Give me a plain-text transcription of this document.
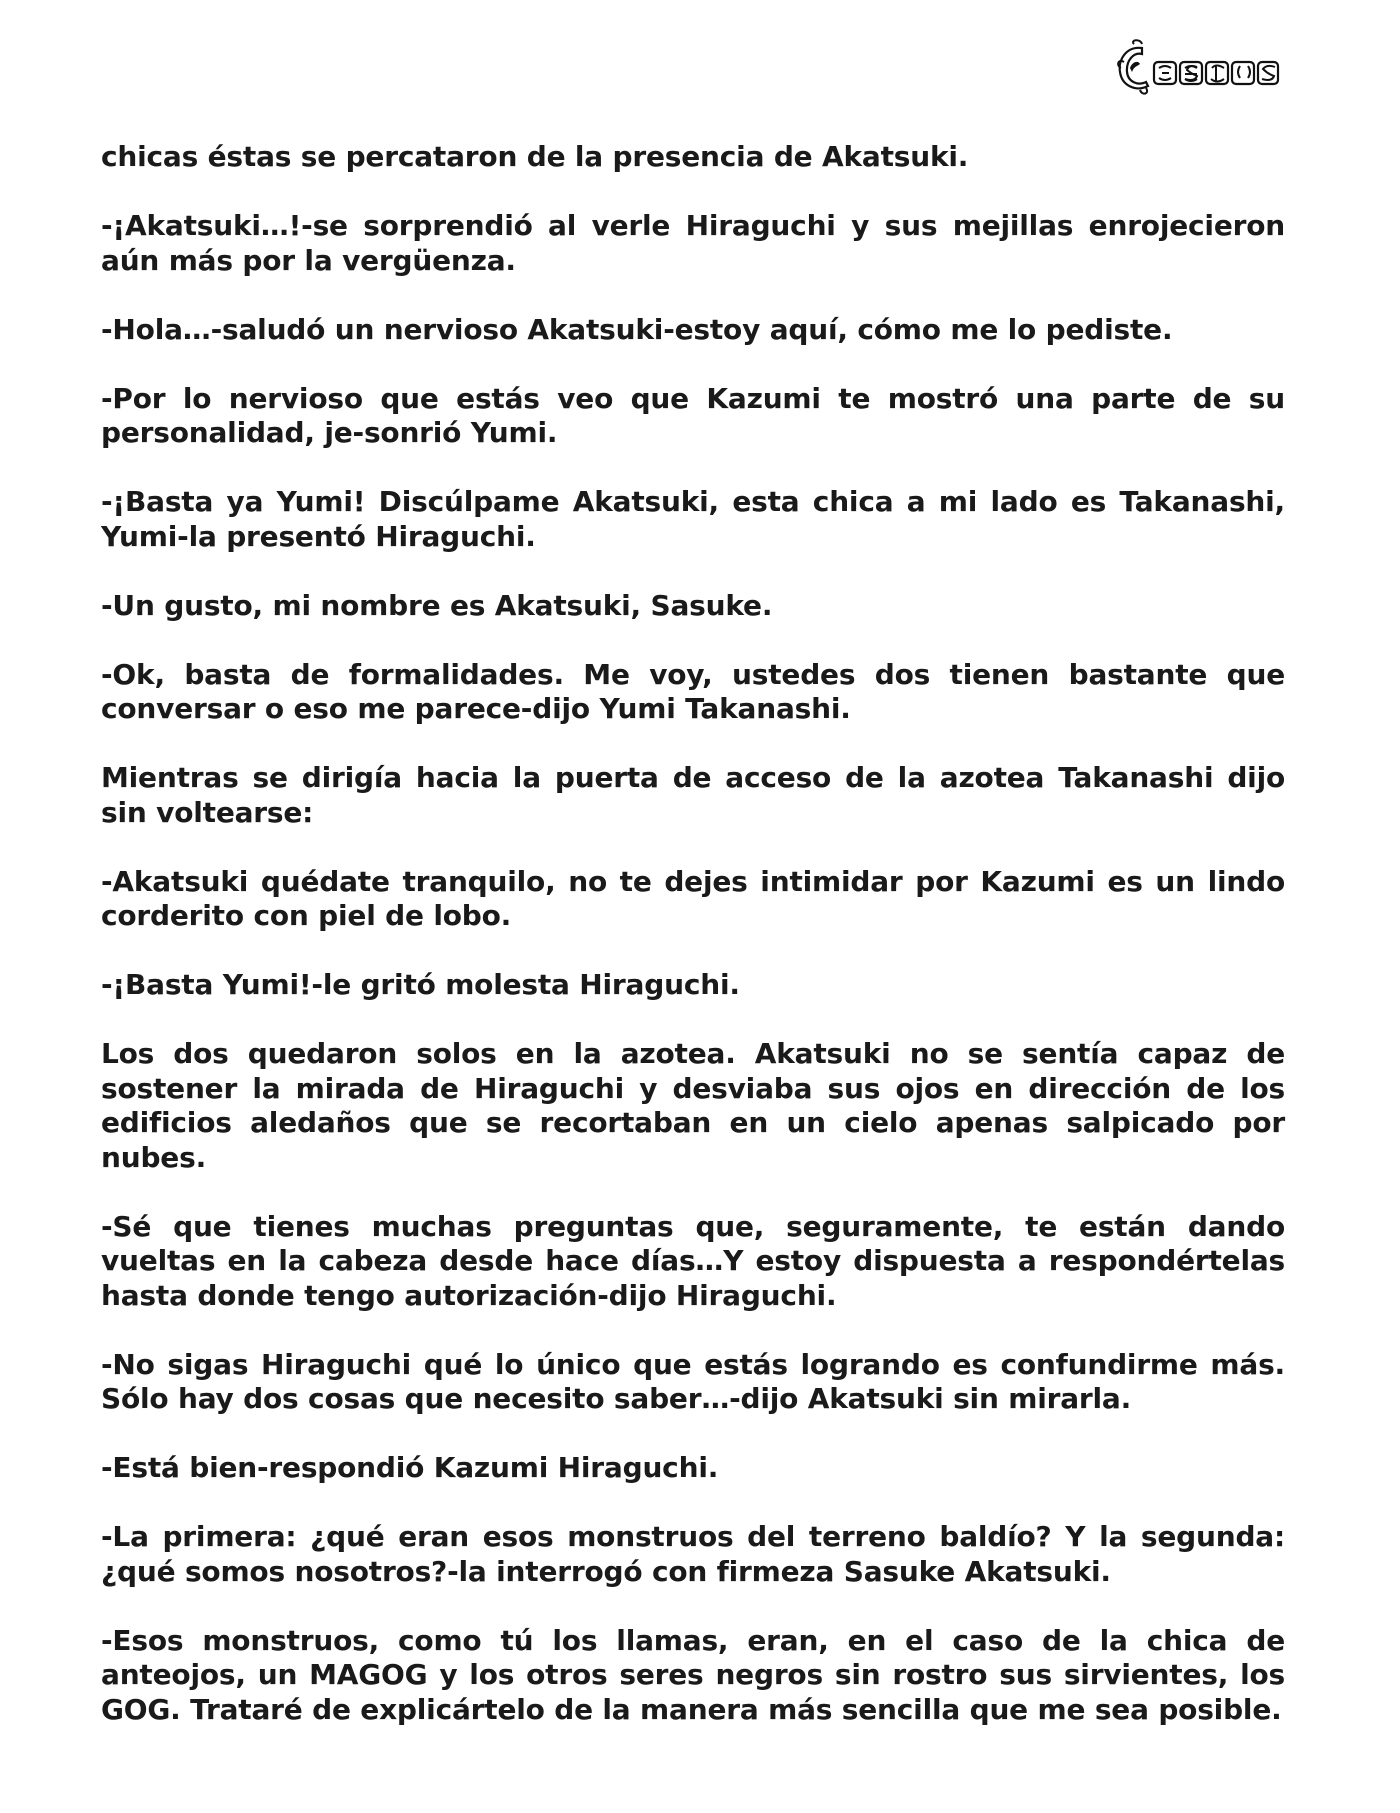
Caesus

chicas éstas se percataron de la presencia de Akatsuki.

-¡Akatsuki…!-se sorprendió al verle Hiraguchi y sus mejillas enrojecieron aún más por la vergüenza.

-Hola…-saludó un nervioso Akatsuki-estoy aquí, cómo me lo pediste.

-Por lo nervioso que estás veo que Kazumi te mostró una parte de su personalidad, je-sonrió Yumi.

-¡Basta ya Yumi! Discúlpame Akatsuki, esta chica a mi lado es Takanashi, Yumi-la presentó Hiraguchi.

-Un gusto, mi nombre es Akatsuki, Sasuke.

-Ok, basta de formalidades. Me voy, ustedes dos tienen bastante que conversar o eso me parece-dijo Yumi Takanashi.

Mientras se dirigía hacia la puerta de acceso de la azotea Takanashi dijo sin voltearse:

-Akatsuki quédate tranquilo, no te dejes intimidar por Kazumi es un lindo corderito con piel de lobo.

-¡Basta Yumi!-le gritó molesta Hiraguchi.

Los dos quedaron solos en la azotea. Akatsuki no se sentía capaz de sostener la mirada de Hiraguchi y desviaba sus ojos en dirección de los edificios aledaños que se recortaban en un cielo apenas salpicado por nubes.

-Sé que tienes muchas preguntas que, seguramente, te están dando vueltas en la cabeza desde hace días…Y estoy dispuesta a respondértelas hasta donde tengo autorización-dijo Hiraguchi.

-No sigas Hiraguchi qué lo único que estás logrando es confundirme más. Sólo hay dos cosas que necesito saber…-dijo Akatsuki sin mirarla.

-Está bien-respondió Kazumi Hiraguchi.

-La primera: ¿qué eran esos monstruos del terreno baldío? Y la segunda: ¿qué somos nosotros?-la interrogó con firmeza Sasuke Akatsuki.

-Esos monstruos, como tú los llamas, eran, en el caso de la chica de anteojos, un MAGOG y los otros seres negros sin rostro sus sirvientes, los GOG. Trataré de explicártelo de la manera más sencilla que me sea posible.
